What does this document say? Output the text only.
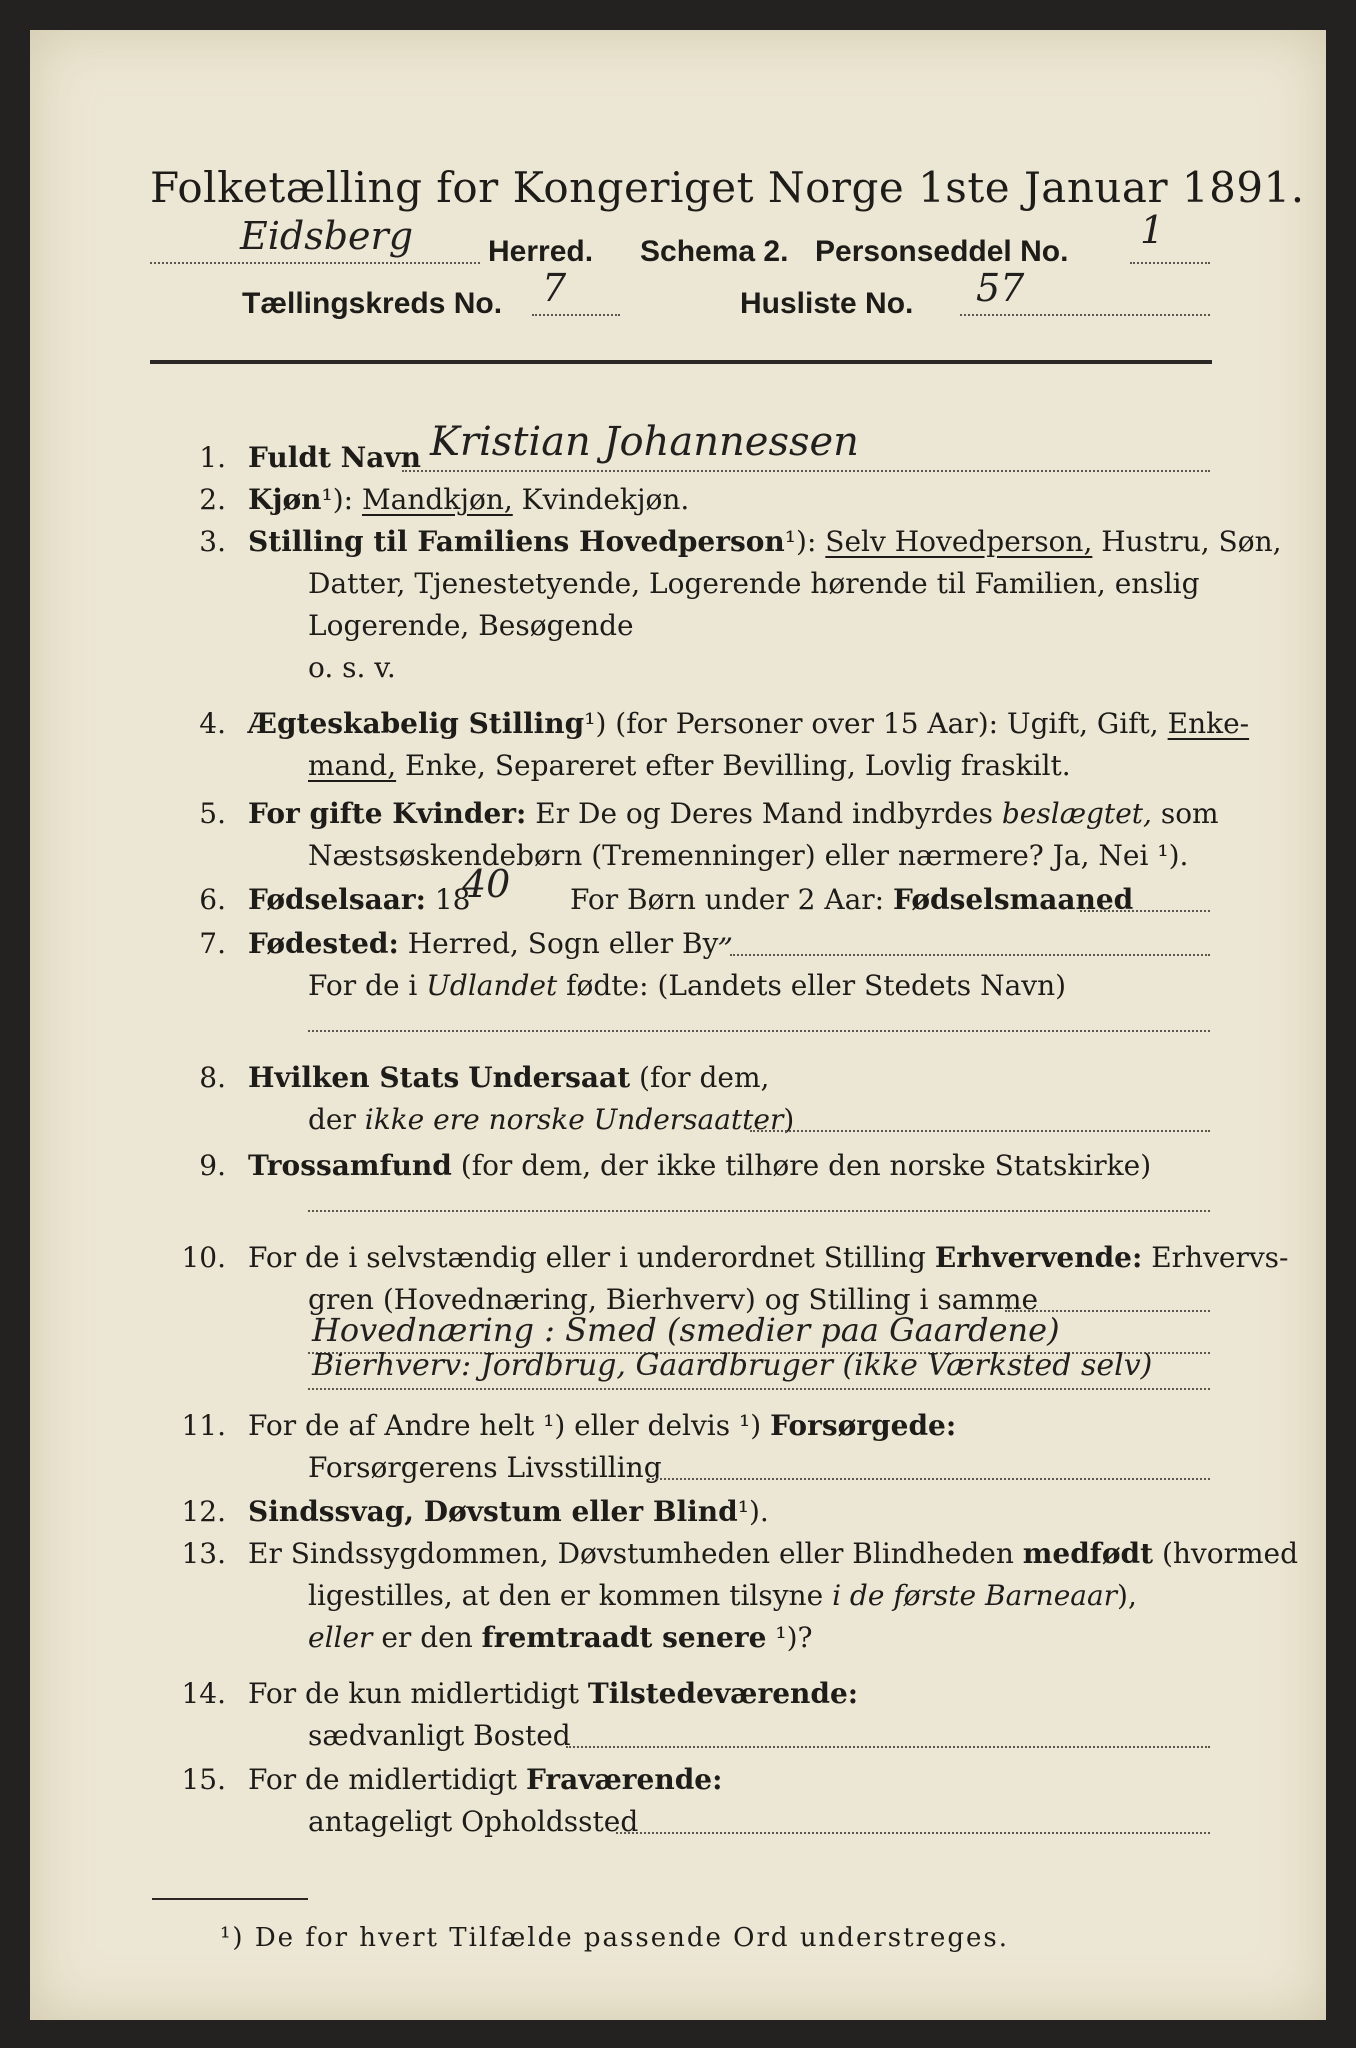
Folketælling for Kongeriget Norge 1ste Januar 1891.
Eidsberg Herred. Schema 2. Personseddel No. 1
Tællingskreds No. 7	Husliste No. 57
1. Fuldt Navn Kristian Johannessen
2. Kjøn¹): Mandkjøn, Kvindekjøn.
3. Stilling til Familiens Hovedperson¹): Selv Hovedperson, Hustru, Søn,
Datter, Tjenestetyende, Logerende hørende til Familien, enslig
Logerende, Besøgende
o. s. v.
4. Ægteskabelig Stilling¹) (for Personer over 15 Aar): Ugift, Gift, Enke-
mand, Enke, Separeret efter Bevilling, Lovlig fraskilt.
5. For gifte Kvinder: Er De og Deres Mand indbyrdes beslægtet, som
Næstsøskendebørn (Tremenninger) eller nærmere? Ja, Nei ¹).
6. Fødselsaar: 18
40 For Børn under 2 Aar: Fødselsmaaned
7. Fødested: Herred, Sogn eller By „
For de i Udlandet fødte: (Landets eller Stedets Navn)
8. Hvilken Stats Undersaat (for dem,
der ikke ere norske Undersaatter)
9. Trossamfund (for dem, der ikke tilhøre den norske Statskirke)
10. For de i selvstændig eller i underordnet Stilling Erhvervende: Erhvervs-
gren (Hovednæring, Bierhverv) og Stilling i samme
Hovednæring : Smed (smedier paa Gaardene)
Bierhverv: Jordbrug, Gaardbruger (ikke Værksted selv)
11. For de af Andre helt ¹) eller delvis ¹) Forsørgede:
Forsørgerens Livsstilling
12. Sindssvag, Døvstum eller Blind¹).
13. Er Sindssygdommen, Døvstumheden eller Blindheden medfødt (hvormed
ligestilles, at den er kommen tilsyne i de første Barneaar),
eller er den fremtraadt senere ¹)?
14. For de kun midlertidigt Tilstedeværende:
sædvanligt Bosted
15. For de midlertidigt Fraværende:
antageligt Opholdssted
¹) De for hvert Tilfælde passende Ord understreges.
